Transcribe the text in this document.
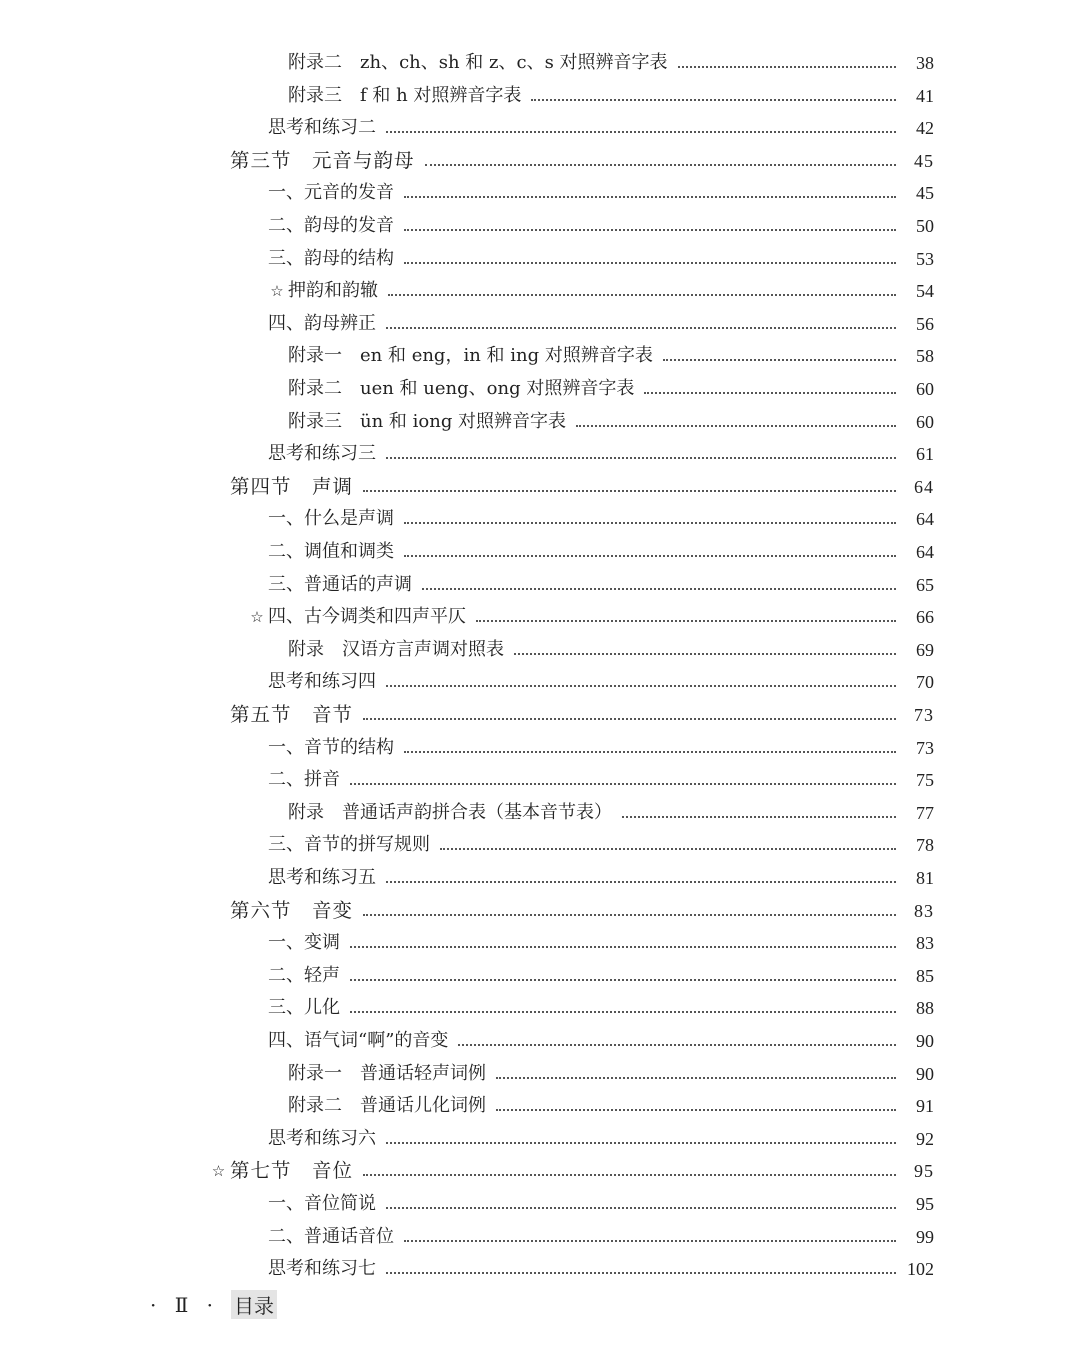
附录二　zh、ch、sh 和 z、c、s 对照辨音字表	38
附录三　f 和 h 对照辨音字表	41
思考和练习二	42
第三节　元音与韵母	45
一、元音的发音	45
二、韵母的发音	50
三、韵母的结构	53
☆ 押韵和韵辙	54
四、韵母辨正	56
附录一　en 和 eng，in 和 ing 对照辨音字表	58
附录二　uen 和 ueng、ong 对照辨音字表	60
附录三　ün 和 iong 对照辨音字表	60
思考和练习三	61
第四节　声调	64
一、什么是声调	64
二、调值和调类	64
三、普通话的声调	65
☆ 四、古今调类和四声平仄	66
附录　汉语方言声调对照表	69
思考和练习四	70
第五节　音节	73
一、音节的结构	73
二、拼音	75
附录　普通话声韵拼合表（基本音节表）	77
三、音节的拼写规则	78
思考和练习五	81
第六节　音变	83
一、变调	83
二、轻声	85
三、儿化	88
四、语气词“啊”的音变	90
附录一　普通话轻声词例	90
附录二　普通话儿化词例	91
思考和练习六	92
☆ 第七节　音位	95
一、音位简说	95
二、普通话音位	99
思考和练习七	102
· Ⅱ · 目录
